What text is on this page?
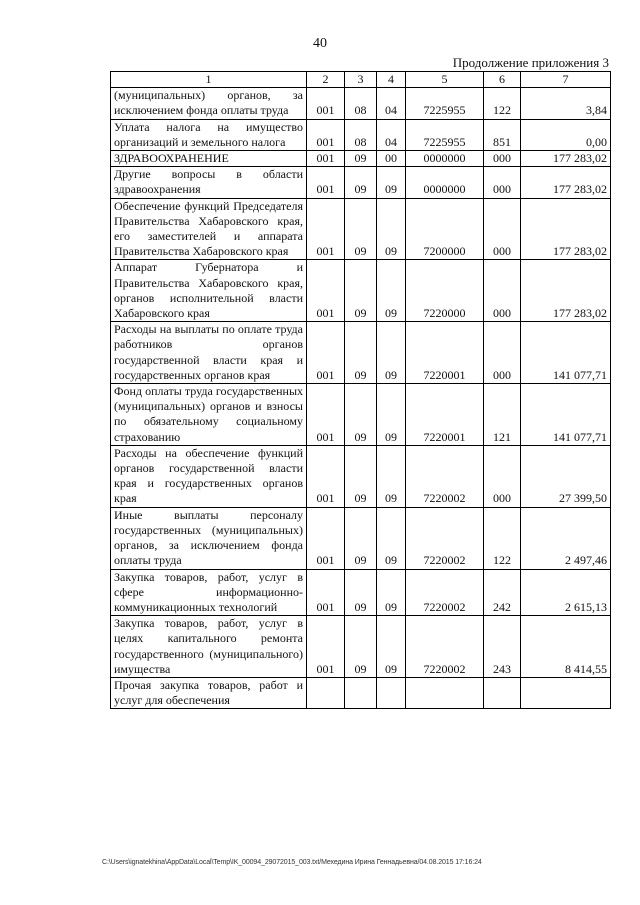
40
Продолжение приложения 3
1	2	3	4	5	6	7
(муниципальных) органов, за исключением фонда оплаты труда	001	08	04	7225955	122	3,84
Уплата налога на имущество организаций и земельного налога	001	08	04	7225955	851	0,00
ЗДРАВООХРАНЕНИЕ	001	09	00	0000000	000	177 283,02
Другие вопросы в области здравоохранения	001	09	09	0000000	000	177 283,02
Обеспечение функций Председателя Правительства Хабаровского края, его заместителей и аппарата Правительства Хабаровского края	001	09	09	7200000	000	177 283,02
Аппарат Губернатора и Правительства Хабаровского края, органов исполнительной власти Хабаровского края	001	09	09	7220000	000	177 283,02
Расходы на выплаты по оплате труда работников органов государственной власти края и государственных органов края	001	09	09	7220001	000	141 077,71
Фонд оплаты труда государственных (муниципальных) органов и взносы по обязательному социальному страхованию	001	09	09	7220001	121	141 077,71
Расходы на обеспечение функций органов государственной власти края и государственных органов края	001	09	09	7220002	000	27 399,50
Иные выплаты персоналу государственных (муниципальных) органов, за исключением фонда оплаты труда	001	09	09	7220002	122	2 497,46
Закупка товаров, работ, услуг в сфере информационно-коммуникационных технологий	001	09	09	7220002	242	2 615,13
Закупка товаров, работ, услуг в целях капитального ремонта государственного (муниципального) имущества	001	09	09	7220002	243	8 414,55
Прочая закупка товаров, работ и услуг для обеспечения						
C:\Users\ignatekhina\AppData\Local\Temp\IK_00094_29072015_003.txt/Мехедина Ирина Геннадьевна/04.08.2015 17:16:24
